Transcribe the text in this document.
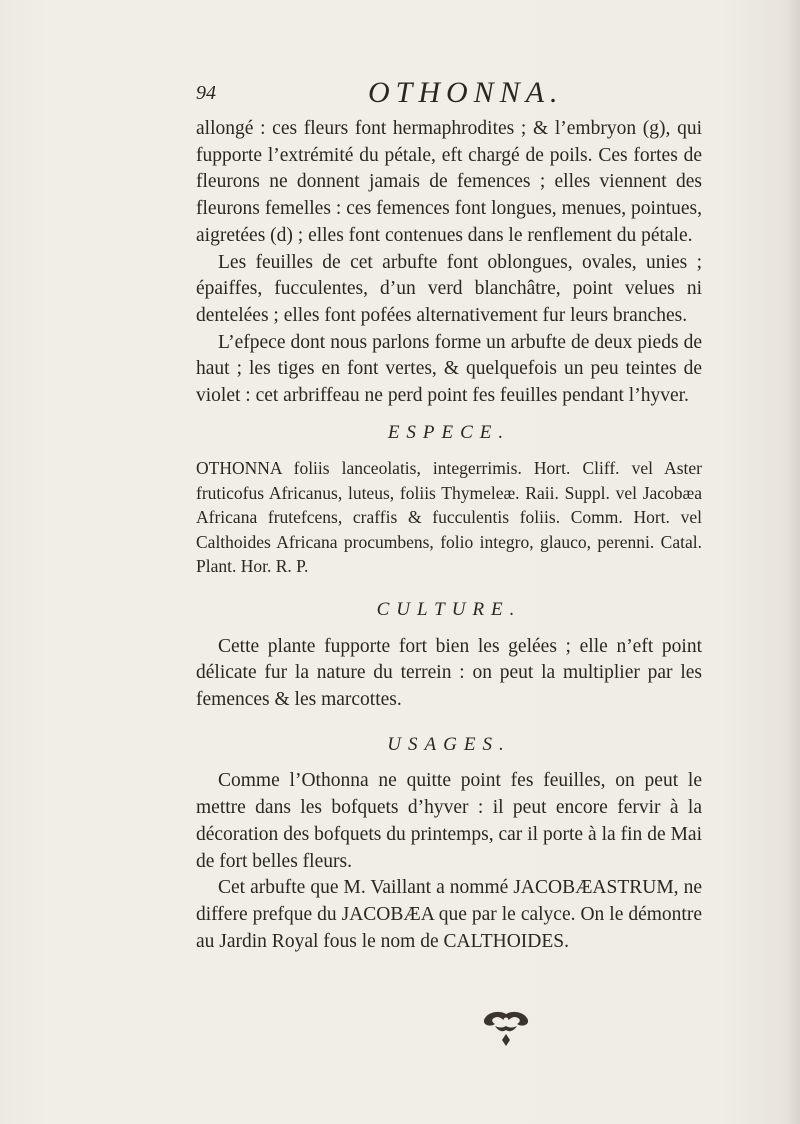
94	OTHONNA.

allongé : ces fleurs font hermaphrodites ; & l’embryon (g), qui fupporte l’extrémité du pétale, eft chargé de poils. Ces fortes de fleurons ne donnent jamais de femences ; elles viennent des fleurons femelles : ces femences font longues, menues, pointues, aigretées (d) ; elles font contenues dans le renflement du pétale.

Les feuilles de cet arbufte font oblongues, ovales, unies ; épaiffes, fucculentes, d’un verd blanchâtre, point velues ni dentelées ; elles font pofées alternativement fur leurs branches.

L’efpece dont nous parlons forme un arbufte de deux pieds de haut ; les tiges en font vertes, & quelquefois un peu teintes de violet : cet arbriffeau ne perd point fes feuilles pendant l’hyver.

ESPECE.

OTHONNA foliis lanceolatis, integerrimis. Hort. Cliff. vel Aster fruticofus Africanus, luteus, foliis Thymeleæ. Raii. Suppl. vel Jacobæa Africana frutefcens, craffis & fucculentis foliis. Comm. Hort. vel Calthoides Africana procumbens, folio integro, glauco, perenni. Catal. Plant. Hor. R. P.

CULTURE.

Cette plante fupporte fort bien les gelées ; elle n’eft point délicate fur la nature du terrein : on peut la multiplier par les femences & les marcottes.

USAGES.

Comme l’Othonna ne quitte point fes feuilles, on peut le mettre dans les bofquets d’hyver : il peut encore fervir à la décoration des bofquets du printemps, car il porte à la fin de Mai de fort belles fleurs.

Cet arbufte que M. Vaillant a nommé JACOBÆASTRUM, ne differe prefque du JACOBÆA que par le calyce. On le démontre au Jardin Royal fous le nom de CALTHOIDES.
